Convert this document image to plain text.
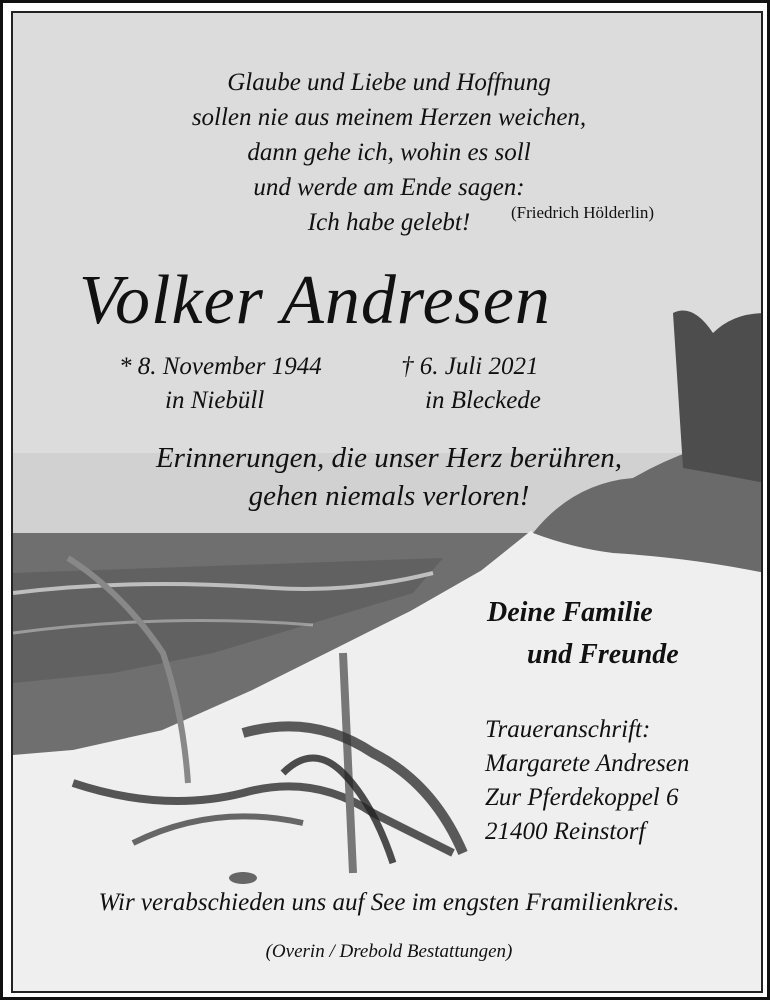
Glaube und Liebe und Hoffnung
sollen nie aus meinem Herzen weichen,
dann gehe ich, wohin es soll
und werde am Ende sagen:
Ich habe gelebt!	(Friedrich Hölderlin)
Volker Andresen
* 8. November 1944
in Niebüll
† 6. Juli 2021
in Bleckede
Erinnerungen, die unser Herz berühren,
gehen niemals verloren!
Deine Familie
und Freunde
Traueranschrift:
Margarete Andresen
Zur Pferdekoppel 6
21400 Reinstorf
Wir verabschieden uns auf See im engsten Framilienkreis.
(Overin / Drebold Bestattungen)
